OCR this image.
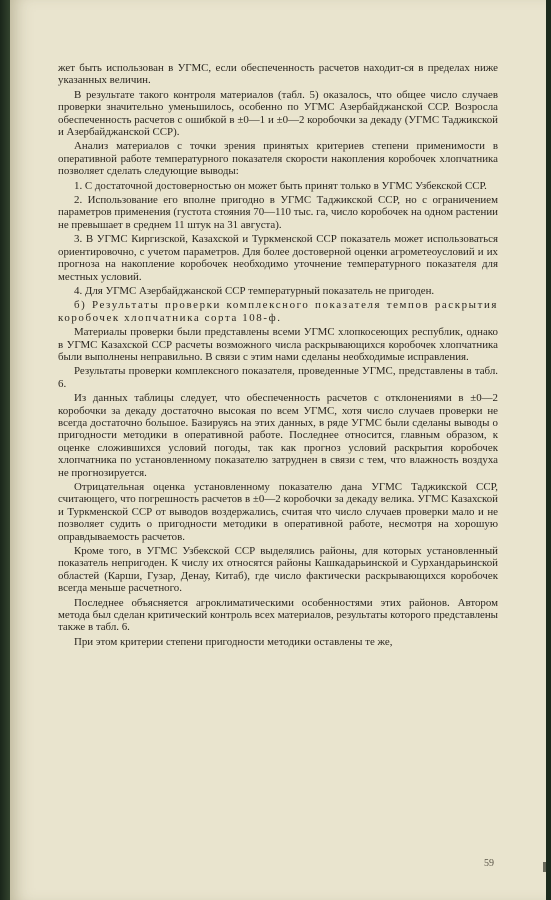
жет быть использован в УГМС, если обеспеченность расчетов находит-ся в пределах ниже указанных величин.

В результате такого контроля материалов (табл. 5) оказалось, что общее число случаев проверки значительно уменьшилось, особенно по УГМС Азербайджанской ССР. Возросла обеспеченность расчетов с ошибкой в ±0—1 и ±0—2 коробочки за декаду (УГМС Таджикской и Азербайджанской ССР).

Анализ материалов с точки зрения принятых критериев степени применимости в оперативной работе температурного показателя скорости накопления коробочек хлопчатника позволяет сделать следующие выводы:

1. С достаточной достоверностью он может быть принят только в УГМС Узбекской ССР.

2. Использование его вполне пригодно в УГМС Таджикской ССР, но с ограничением параметров применения (густота стояния 70—110 тыс. га, число коробочек на одном растении не превышает в среднем 11 штук на 31 августа).

3. В УГМС Киргизской, Казахской и Туркменской ССР показатель может использоваться ориентировочно, с учетом параметров. Для более достоверной оценки агрометеоусловий и их прогноза на накопление коробочек необходимо уточнение температурного показателя для местных условий.

4. Для УГМС Азербайджанской ССР температурный показатель не пригоден.

б) Результаты проверки комплексного показателя темпов раскрытия коробочек хлопчатника сорта 108-ф.

Материалы проверки были представлены всеми УГМС хлопкосеющих республик, однако в УГМС Казахской ССР расчеты возможного числа раскрывающихся коробочек хлопчатника были выполнены неправильно. В связи с этим нами сделаны необходимые исправления.

Результаты проверки комплексного показателя, проведенные УГМС, представлены в табл. 6.

Из данных таблицы следует, что обеспеченность расчетов с отклонениями в ±0—2 коробочки за декаду достаточно высокая по всем УГМС, хотя число случаев проверки не всегда достаточно большое. Базируясь на этих данных, в ряде УГМС были сделаны выводы о пригодности методики в оперативной работе. Последнее относится, главным образом, к оценке сложившихся условий погоды, так как прогноз условий раскрытия коробочек хлопчатника по установленному показателю затруднен в связи с тем, что влажность воздуха не прогнозируется.

Отрицательная оценка установленному показателю дана УГМС Таджикской ССР, считающего, что погрешность расчетов в ±0—2 коробочки за декаду велика. УГМС Казахской и Туркменской ССР от выводов воздержались, считая что число случаев проверки мало и не позволяет судить о пригодности методики в оперативной работе, несмотря на хорошую оправдываемость расчетов.

Кроме того, в УГМС Узбекской ССР выделялись районы, для которых установленный показатель непригоден. К числу их относятся районы Кашкадарьинской и Сурхандарьинской областей (Карши, Гузар, Денау, Китаб), где число фактически раскрывающихся коробочек всегда меньше расчетного.

Последнее объясняется агроклиматическими особенностями этих районов. Автором метода был сделан критический контроль всех материалов, результаты которого представлены также в табл. 6.

При этом критерии степени пригодности методики оставлены те же,

59
